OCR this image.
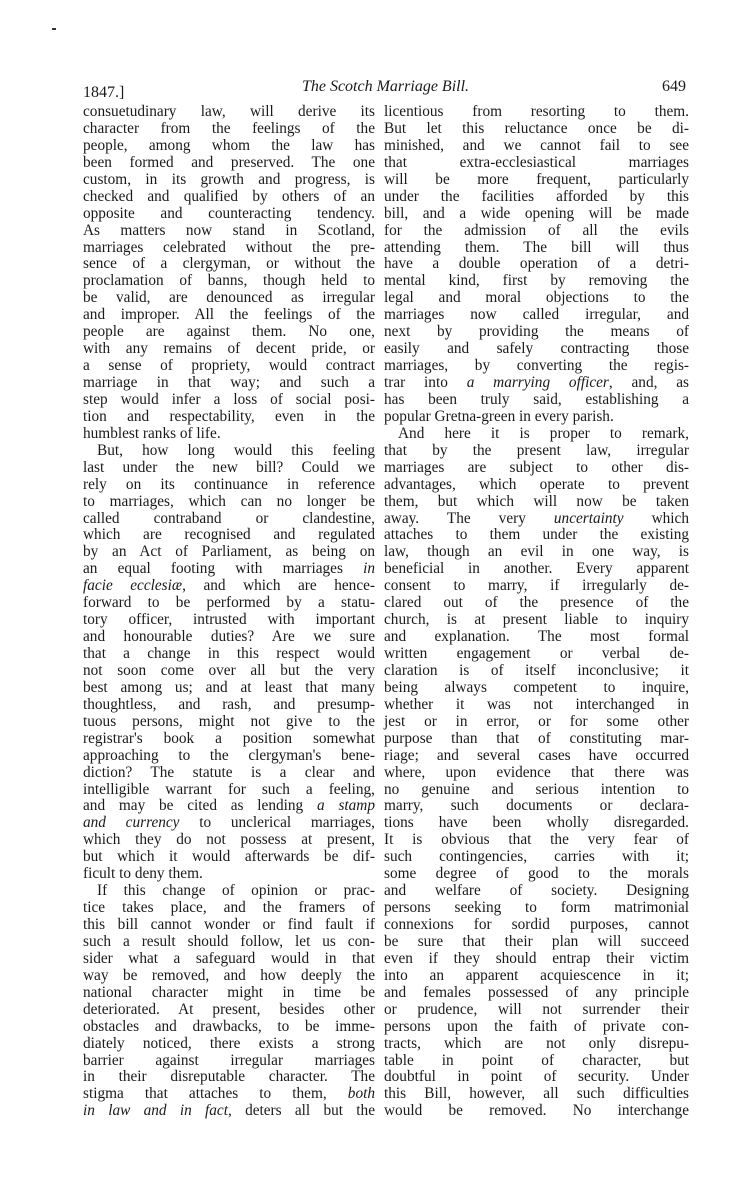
1847.]	The Scotch Marriage Bill.	649
consuetudinary law, will derive its
character from the feelings of the
people, among whom the law has
been formed and preserved. The one
custom, in its growth and progress, is
checked and qualified by others of an
opposite and counteracting tendency.
As matters now stand in Scotland,
marriages celebrated without the pre-
sence of a clergyman, or without the
proclamation of banns, though held to
be valid, are denounced as irregular
and improper. All the feelings of the
people are against them. No one,
with any remains of decent pride, or
a sense of propriety, would contract
marriage in that way; and such a
step would infer a loss of social posi-
tion and respectability, even in the
humblest ranks of life.
But, how long would this feeling
last under the new bill? Could we
rely on its continuance in reference
to marriages, which can no longer be
called contraband or clandestine,
which are recognised and regulated
by an Act of Parliament, as being on
an equal footing with marriages in
facie ecclesiæ, and which are hence-
forward to be performed by a statu-
tory officer, intrusted with important
and honourable duties? Are we sure
that a change in this respect would
not soon come over all but the very
best among us; and at least that many
thoughtless, and rash, and presump-
tuous persons, might not give to the
registrar's book a position somewhat
approaching to the clergyman's bene-
diction? The statute is a clear and
intelligible warrant for such a feeling,
and may be cited as lending a stamp
and currency to unclerical marriages,
which they do not possess at present,
but which it would afterwards be dif-
ficult to deny them.
If this change of opinion or prac-
tice takes place, and the framers of
this bill cannot wonder or find fault if
such a result should follow, let us con-
sider what a safeguard would in that
way be removed, and how deeply the
national character might in time be
deteriorated. At present, besides other
obstacles and drawbacks, to be imme-
diately noticed, there exists a strong
barrier against irregular marriages
in their disreputable character. The
stigma that attaches to them, both
in law and in fact, deters all but the
licentious from resorting to them.
But let this reluctance once be di-
minished, and we cannot fail to see
that extra-ecclesiastical marriages
will be more frequent, particularly
under the facilities afforded by this
bill, and a wide opening will be made
for the admission of all the evils
attending them. The bill will thus
have a double operation of a detri-
mental kind, first by removing the
legal and moral objections to the
marriages now called irregular, and
next by providing the means of
easily and safely contracting those
marriages, by converting the regis-
trar into a marrying officer, and, as
has been truly said, establishing a
popular Gretna-green in every parish.
And here it is proper to remark,
that by the present law, irregular
marriages are subject to other dis-
advantages, which operate to prevent
them, but which will now be taken
away. The very uncertainty which
attaches to them under the existing
law, though an evil in one way, is
beneficial in another. Every apparent
consent to marry, if irregularly de-
clared out of the presence of the
church, is at present liable to inquiry
and explanation. The most formal
written engagement or verbal de-
claration is of itself inconclusive; it
being always competent to inquire,
whether it was not interchanged in
jest or in error, or for some other
purpose than that of constituting mar-
riage; and several cases have occurred
where, upon evidence that there was
no genuine and serious intention to
marry, such documents or declara-
tions have been wholly disregarded.
It is obvious that the very fear of
such contingencies, carries with it;
some degree of good to the morals
and welfare of society. Designing
persons seeking to form matrimonial
connexions for sordid purposes, cannot
be sure that their plan will succeed
even if they should entrap their victim
into an apparent acquiescence in it;
and females possessed of any principle
or prudence, will not surrender their
persons upon the faith of private con-
tracts, which are not only disrepu-
table in point of character, but
doubtful in point of security. Under
this Bill, however, all such difficulties
would be removed. No interchange
